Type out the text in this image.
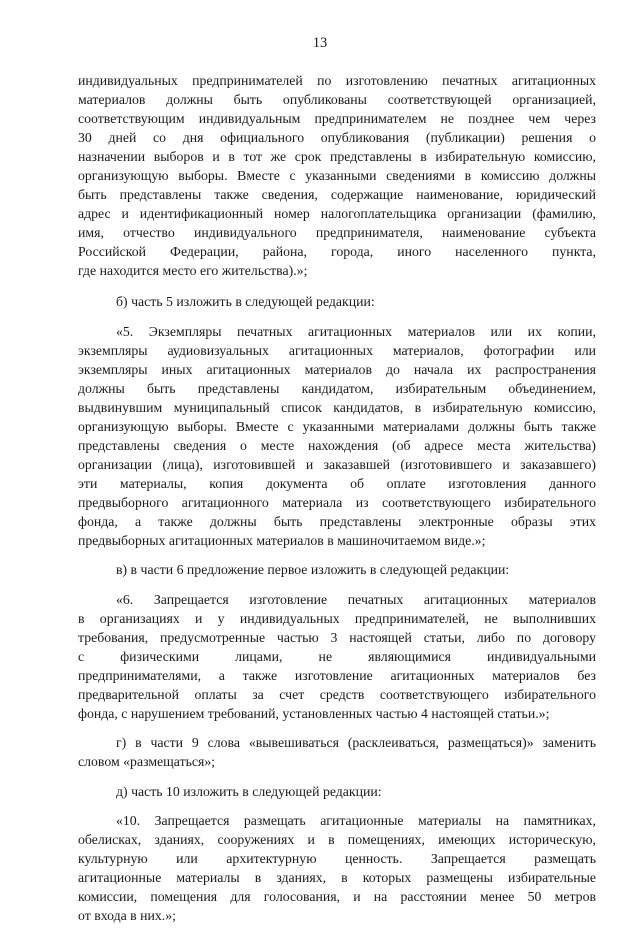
13
индивидуальных предпринимателей по изготовлению печатных агитационных
материалов должны быть опубликованы соответствующей организацией,
соответствующим индивидуальным предпринимателем не позднее чем через
30 дней со дня официального опубликования (публикации) решения о
назначении выборов и в тот же срок представлены в избирательную комиссию,
организующую выборы. Вместе с указанными сведениями в комиссию должны
быть представлены также сведения, содержащие наименование, юридический
адрес и идентификационный номер налогоплательщика организации (фамилию,
имя, отчество индивидуального предпринимателя, наименование субъекта
Российской Федерации, района, города, иного населенного пункта,
где находится место его жительства).»;
б) часть 5 изложить в следующей редакции:
«5. Экземпляры печатных агитационных материалов или их копии,
экземпляры аудиовизуальных агитационных материалов, фотографии или
экземпляры иных агитационных материалов до начала их распространения
должны быть представлены кандидатом, избирательным объединением,
выдвинувшим муниципальный список кандидатов, в избирательную комиссию,
организующую выборы. Вместе с указанными материалами должны быть также
представлены сведения о месте нахождения (об адресе места жительства)
организации (лица), изготовившей и заказавшей (изготовившего и заказавшего)
эти материалы, копия документа об оплате изготовления данного
предвыборного агитационного материала из соответствующего избирательного
фонда, а также должны быть представлены электронные образы этих
предвыборных агитационных материалов в машиночитаемом виде.»;
в) в части 6 предложение первое изложить в следующей редакции:
«6. Запрещается изготовление печатных агитационных материалов
в организациях и у индивидуальных предпринимателей, не выполнивших
требования, предусмотренные частью 3 настоящей статьи, либо по договору
с физическими лицами, не являющимися индивидуальными
предпринимателями, а также изготовление агитационных материалов без
предварительной оплаты за счет средств соответствующего избирательного
фонда, с нарушением требований, установленных частью 4 настоящей статьи.»;
г) в части 9 слова «вывешиваться (расклеиваться, размещаться)» заменить
словом «размещаться»;
д) часть 10 изложить в следующей редакции:
«10. Запрещается размещать агитационные материалы на памятниках,
обелисках, зданиях, сооружениях и в помещениях, имеющих историческую,
культурную или архитектурную ценность. Запрещается размещать
агитационные материалы в зданиях, в которых размещены избирательные
комиссии, помещения для голосования, и на расстоянии менее 50 метров
от входа в них.»;
